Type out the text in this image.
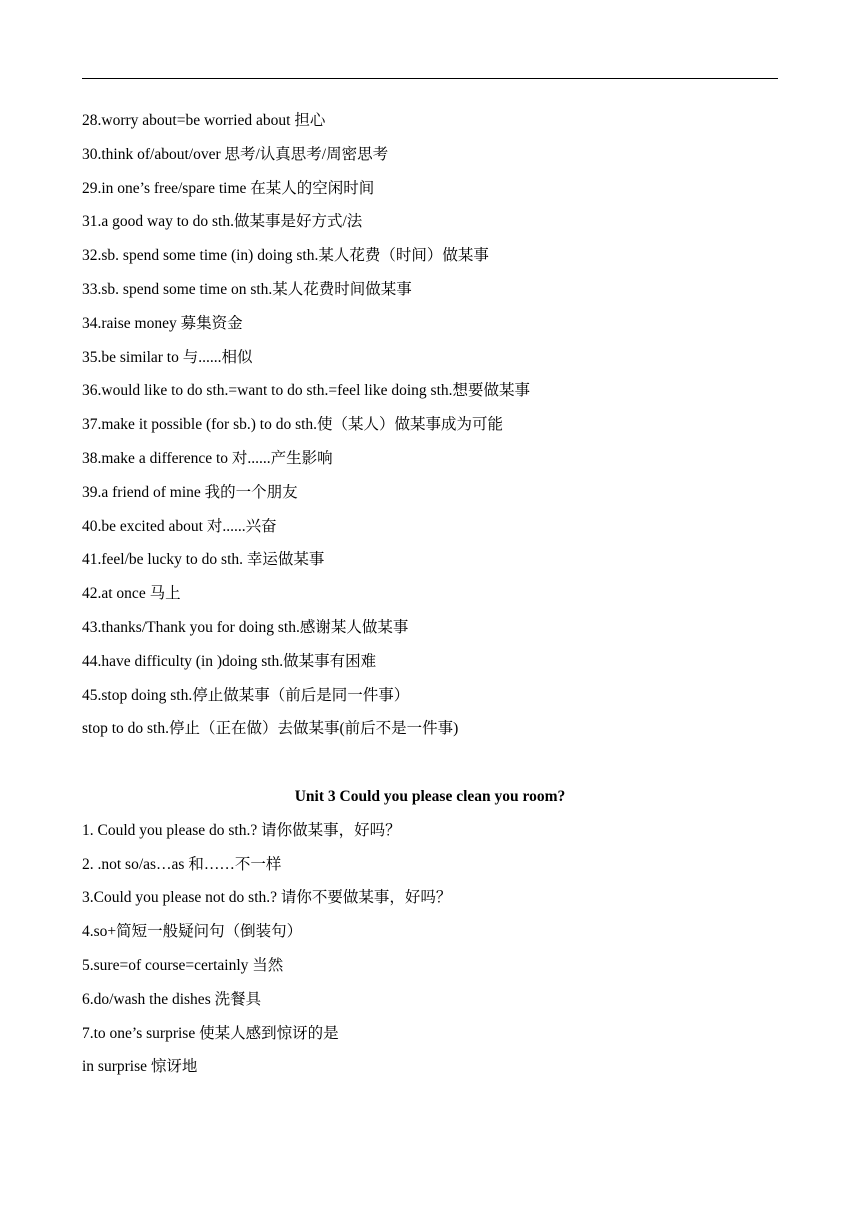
28.worry about=be worried about 担心
30.think of/about/over 思考/认真思考/周密思考
29.in one’s free/spare time 在某人的空闲时间
31.a good way to do sth.做某事是好方式/法
32.sb. spend some time (in) doing sth.某人花费（时间）做某事
33.sb. spend some time on sth.某人花费时间做某事
34.raise money 募集资金
35.be similar to 与......相似
36.would like to do sth.=want to do sth.=feel like doing sth.想要做某事
37.make it possible (for sb.) to do sth.使（某人）做某事成为可能
38.make a difference to 对......产生影响
39.a friend of mine 我的一个朋友
40.be excited about 对......兴奋
41.feel/be lucky to do sth. 幸运做某事
42.at once 马上
43.thanks/Thank you for doing sth.感谢某人做某事
44.have difficulty (in )doing sth.做某事有困难
45.stop doing sth.停止做某事（前后是同一件事）
stop to do sth.停止（正在做）去做某事(前后不是一件事)
Unit 3 Could you please clean you room?
1. Could you please do sth.? 请你做某事，好吗？
2. .not so/as…as 和……不一样
3.Could you please not do sth.? 请你不要做某事，好吗？
4.so+简短一般疑问句（倒装句）
5.sure=of course=certainly 当然
6.do/wash the dishes 洗餐具
7.to one’s surprise 使某人感到惊讶的是
in surprise 惊讶地
